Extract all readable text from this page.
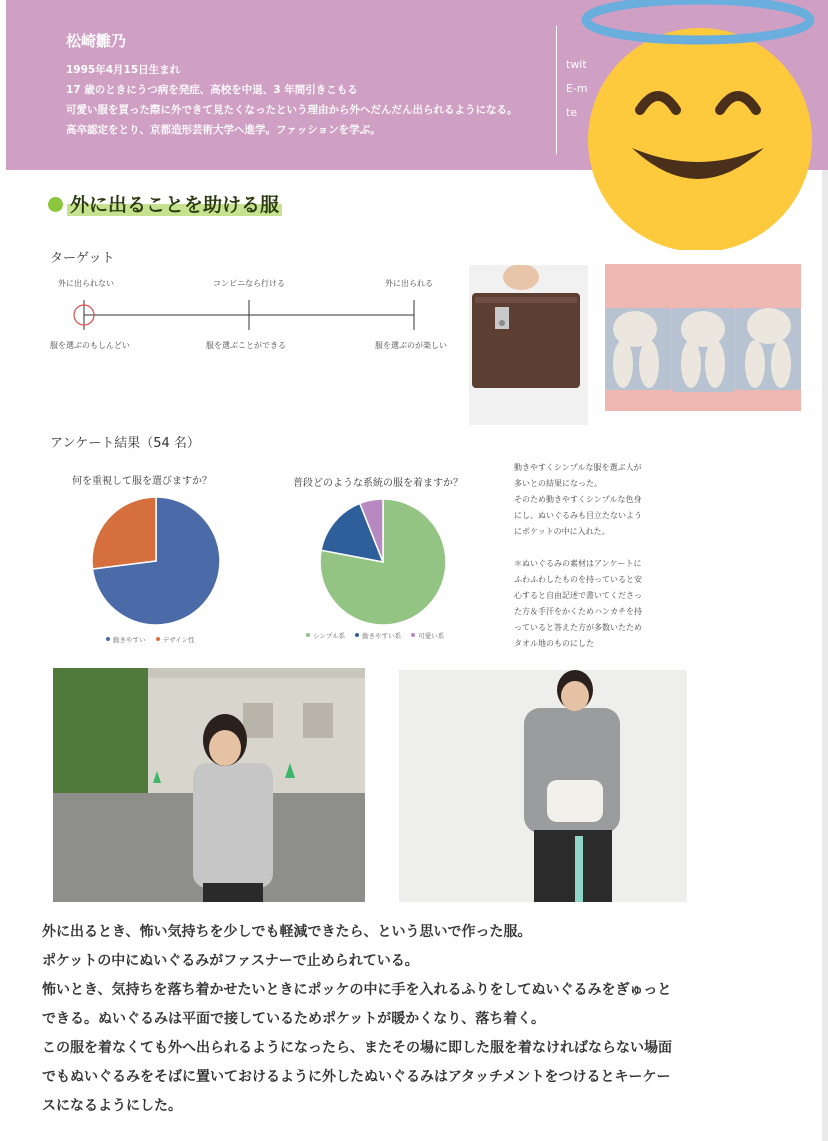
松崎雛乃
1995年4月15日生まれ
17 歳のときにうつ病を発症、高校を中退、3 年間引きこもる
可愛い服を買った際に外できて見たくなったという理由から外へだんだん出られるようになる。
高卒認定をとり、京都造形芸術大学へ進学。ファッションを学ぶ。
twit
E-m
te
外に出ることを助ける服
ターゲット
外に出られない	コンビニなら行ける	外に出られる
服を選ぶのもしんどい	服を選ぶことができる	服を選ぶのが楽しい
アンケート結果（54 名）
何を重視して服を選びますか？
動きやすい	デザイン性
普段どのような系統の服を着ますか？
シンプル系	動きやすい系	可愛い系
動きやすくシンプルな服を選ぶ人が
多いとの結果になった。
そのため動きやすくシンプルな色身
にし、ぬいぐるみも目立たないよう
にポケットの中に入れた。
＊ぬいぐるみの素材はアンケートに
ふわふわしたものを持っていると安
心すると自由記述で書いてくださっ
た方＆手汗をかくためハンカチを持
っていると答えた方が多数いたため
タオル地のものにした
外に出るとき、怖い気持ちを少しでも軽減できたら、という思いで作った服。
ポケットの中にぬいぐるみがファスナーで止められている。
怖いとき、気持ちを落ち着かせたいときにポッケの中に手を入れるふりをしてぬいぐるみをぎゅっと
できる。ぬいぐるみは平面で接しているためポケットが暖かくなり、落ち着く。
この服を着なくても外へ出られるようになったら、またその場に即した服を着なければならない場面
でもぬいぐるみをそばに置いておけるように外したぬいぐるみはアタッチメントをつけるとキーケー
スになるようにした。
